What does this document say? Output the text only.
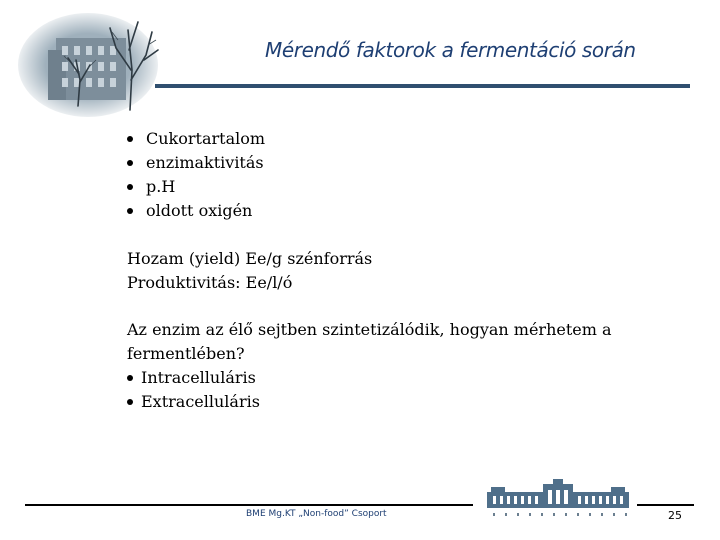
Mérendő faktorok a fermentáció során
Cukortartalom
enzimaktivitás
p.H
oldott oxigén
Hozam (yield) Ee/g szénforrás
Produktivitás: Ee/l/ó
Az enzim az élő sejtben szintetizálódik, hogyan mérhetem a
fermentlében?
Intracelluláris
Extracelluláris
BME Mg.KT „Non-food” Csoport	25
